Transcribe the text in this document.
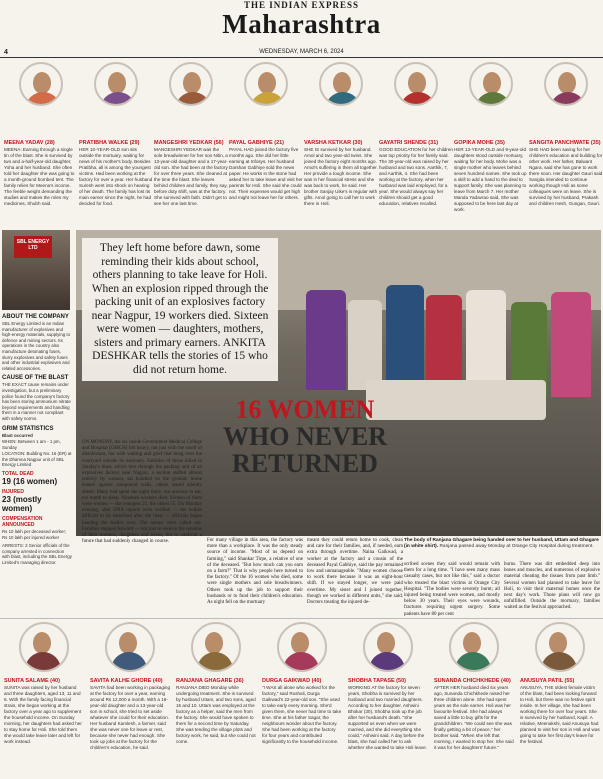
THE INDIAN EXPRESS
Maharashtra
4	WEDNESDAY, MARCH 6, 2024
MEENA YADAV (28)
MEENA: Earning through a single tin of the blast. She is survived by two and a-half-year-old daughter, Yoha and her husband. She often told her daughter she was going to a month-ground bombed tent. The family relies for Meena's income. The feeble weight demanding the studies and makes the roles my medicines, Shubh said.
PRATIBHA WALKE (29)
HER 10-YEAR-OLD son sits outside the mortuary, waiting for news of his mother's body. Besides Pratibha, all is among the youngest victims. Had been working at the factory for over a year. Her husband Suresh went into shock on hearing of her death. The family has lost its main earner since the night, he had decided for food.
MANGESHRI YEDKAR (56)
MANGESHRI YEDKAR was the sole breadwinner for her son Nitin, a 13-year-old daughter and a 17-year-old son. She had been at the factory for over three years. She cleaned at the time the blast. She leaves behind children and family, they say, before duty shift, was at the factory. She survived with faith. Didn't get to see her one last time.
PAYAL GABHIYE (21)
PAYAL HAD joined the factory five months ago. She did her little earning at Infosys. Her husband Darshan Gabhiye sold the news paper. He works in the stone had asked her to take leave and visit her parents for Holi. She said she could not. Their expenses would get high and might not leave her for others.
VARSHA KETKAR (30)
SHE IS survived by her husband. Amol and two year-old twins. She joined the factory eight months ago. Amol's suffering in them all together. Her provide a tough income. She was in her financial stress and she was back to work, he said. Her brother Sanjay Uike's is regular with gifts. Amol going to call her to work there in Holi.
GAYATRI SHENDE (31)
GOOD EDUCATION for her children was top priority for her family said. The 30-year-old was raised by her husband and two sons. Aarthik, 7, and Aarthik, 4. She had been working at the factory, when her husband was laid employed, for a year. She would always say her children should get a good education, relatives recalled.
GOPIKA MOHE (35)
HER 13-YEAR-OLD and 9-year-old daughters stood outside mortuary, waiting for her body. Mohe was a single mother who leaves behind seven hundred names. She took up a skill to add a hand to the deal to support family. She was planning to leave from March 7. Her mother Manda Yadavrao said, She was supposed to be here last day at work.
SANGITA PANCHWATE (35)
SHE HAD been saving for her children's education and building for other work. Her father, Balwant Ngara, said she has gone to work there soon. Her daughter Gauri said Sangita intended to continue working though Holi as some colleagues were on leave. She is survived by her husband, Prakash and children Hesh, Gungan, Gauri.
SBL ENERGY LTD
ABOUT THE COMPANY
SBL Energy Limited is an Indian manufacturer of explosives and high-energy materials, supplying to defence and mining sectors. Its operations in the country also manufacture detonating fuses, slurry explosives and safety fuses and other industrial explosives and related accessories.
CAUSE OF THE BLAST
THE EXACT cause remains under investigation, but a preliminary police found the company's factory has been storing ammonium nitrate beyond requirements and handling them in a manner not compliant with safety norms.
GRIM STATISTICS
Blast occurred
WHEN: Between 1 am - 1 pm, Sunday
LOCATION: Building No. 16 (ER) at the Dhamna Nagpur unit of SBL Energy Limited
TOTAL DEAD
19 (16 women)
INJURED
23 (mostly women)
COMPENSATION ANNOUNCED
Rs 10 lakh per deceased worker; Rs 10 lakh per injured worker
ARRESTS: 2 Senior officials of the company arrested in connection with blast, including the SBL Energy Limited's managing director.
They left home before dawn, some reminding their kids about school, others planning to take leave for Holi. When an explosion ripped through the packing unit of an explosives factory near Nagpur, 19 workers died. Sixteen were women — daughters, mothers, sisters and primary earners. ANKITA DESHKAR tells the stories of 15 who did not return home.
ON MONDAY, the six inside Government Medical College and Hospital (GMCH) felt heavy, not just with the smell of disinfectant, but with waiting and grief that hung over the courtyard outside its mortuary. Families of those killed in Sunday's blast, which tore through the packing unit of an explosives factory near Nagpur, a section staffed almost entirely by women, sat huddled on the ground. Some leaned against compound walls, others stared silently ahead. Many had spent the night there, too anxious to eat, too numb to sleep. Nineteen workers died. Sixteen of them were women — the youngest 21, the oldest 55. On Monday evening, after DNA reports were verified — the bodies difficult to be identified after the blast — officials began handing the bodies over. The names were called out. Families stepped forward — not just to receive the remains of their mothers, daughters and wives, but to confront a future that had suddenly changed in course.	For many village in this area, the factory was more than a workplace. It was the only steady source of income. "Most of us depend on farming," said Shankar Tirpe, a relative of one of the deceased. "But how much can you earn on a farm?" That is why people here turned to the factory." Of the 16 women who died, some were single mothers and sole breadwinners. Others took up the job to support their husbands or to fund their children's education. As night fell on the mortuary
meant they could return home to cook, clean and care for their families, and, if needed, earn extra through overtime. Naina Gaikwad, a worker at the factory and a cousin of the deceased Payal Gabhiye, said the pay remained low and unmanageable. "Many women choose to work there because it was an eight-hour shift. If we stayed longer, we were paid overtime. My sister and I joined together, though we worked in different units," she said. Doctors treating the injured de-
scribed scenes they said would remain with them for a long time. "I have seen many mass casualty cases, but not like this," said a doctor who treated the blast victims at Orange City Hospital. "The bodies were severely burnt; all injured being treated were women, and mostly below 30 years. Their eyes were wounds, fractures requiring urgent surgery. Some patients have 80 per cent
burns. There was dirt embedded deep into bones and muscles, and numerous of explosive material cheating the tissues from past limb." Several women had planned to take leave for Holi, to visit their maternal homes once the next day's work. Those plans will now go unfulfilled. Outside the mortuary, families waited as the festival approached.
16 WOMEN
WHO NEVER
RETURNED
The body of Ranjana Ghagare being handed over to her husband, Uttam and Ghagare (in white shirt). Ranjana passed away Monday at Orange City Hospital during treatment.
SUNITA SALAME (40)
SUNITA was raised by her husband and three daughters, aged 13, 11 and 6. With the family facing financial strain, she began working at the factory over a year ago to supplement the household income. On Sunday morning, her daughters had asked her to stay home for Holi. She told them she would take leave later and left for work instead.
SAVITA KALHE GHORE (40)
SAVITA had been working in packaging at the factory for over a year, earning around Rs 12,000 a month. With a 16-year-old daughter and a 13-year-old son in school, she tried to set aside whatever she could for their education. Her husband Kamlesh, a farmer, said she was never one for leave or rest, because she never had enough. She took up jobs at the factory for the children's education, he said.
RANJANA GHAGARE (36)
RANJANA DIED Monday while undergoing treatment. She is survived by husband Uttam, and two sons, aged 15 and 10. Uttam was employed at the factory as a helper, said the men from the factory. She would have spoken to them for a second time by Saturday. She was tending the village plots and factory work, he said, but she could not come.
DURGA GAIKWAD (40)
"I WAS all alone who worked for the factory," said Rushali, Durga Gaikwad's 22-year-old son. "She used to take early every morning. She'd given them, she never had time to take time. She at his father Sagar, the neighbours wonder about the factory. She had been working at the factory for four years and contributed significantly to the household income.
SHOBHA TAPASE (50)
WORKING AT the factory for seven years, Shobha is survived by her husband and two married daughters. According to her daughter, Ashwini Bhokar (30), Shobha took up the job after her husband's death. "She supported us even when we were married, and she did everything she could," Ashwini said. A day before the blast, she had called her to ask whether she wanted to take Holi leave.
SUNANDA CHICHKHEDE (40)
AFTER HER husband died six years ago, Sunanda Chichkhede raised her three children alone. She had spent years as the sole earner. Holi was her favourite festival. She had always saved a little to buy gifts for the grandchildren. "We could see she was finally getting a bit of peace," her brother said. "When she left that morning, I wanted to stop her. She said it was for her daughters' future."
ANUSUYA PATIL (55)
ANUSUYA, THE oldest female victim of the blast, had been looking forward to Holi, but there was no festive spirit inside. In her village, she had been working there for over four years. She is survived by her husband, Kapil. A relative, Meenakshi, said Anusuya had planned to visit her son in Holi and was going to take her first day's leave for the festival.
